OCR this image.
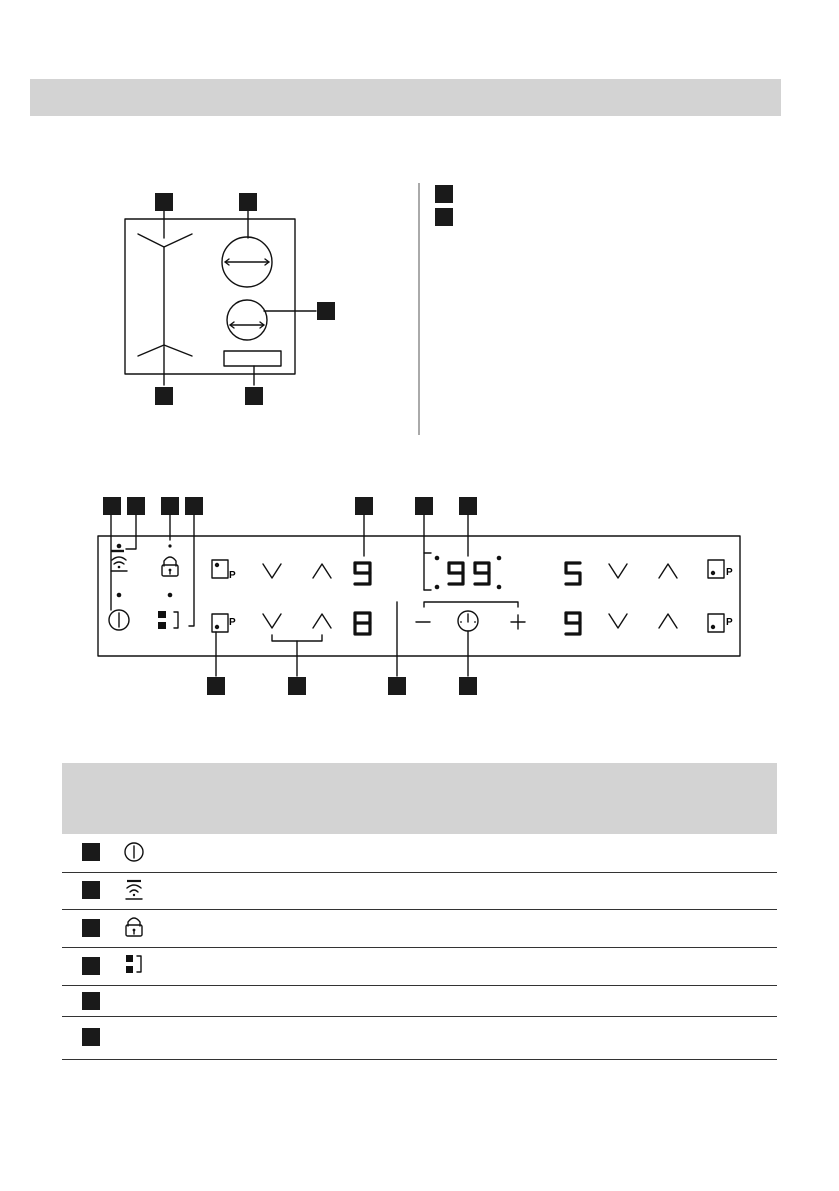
P
P
P
P
